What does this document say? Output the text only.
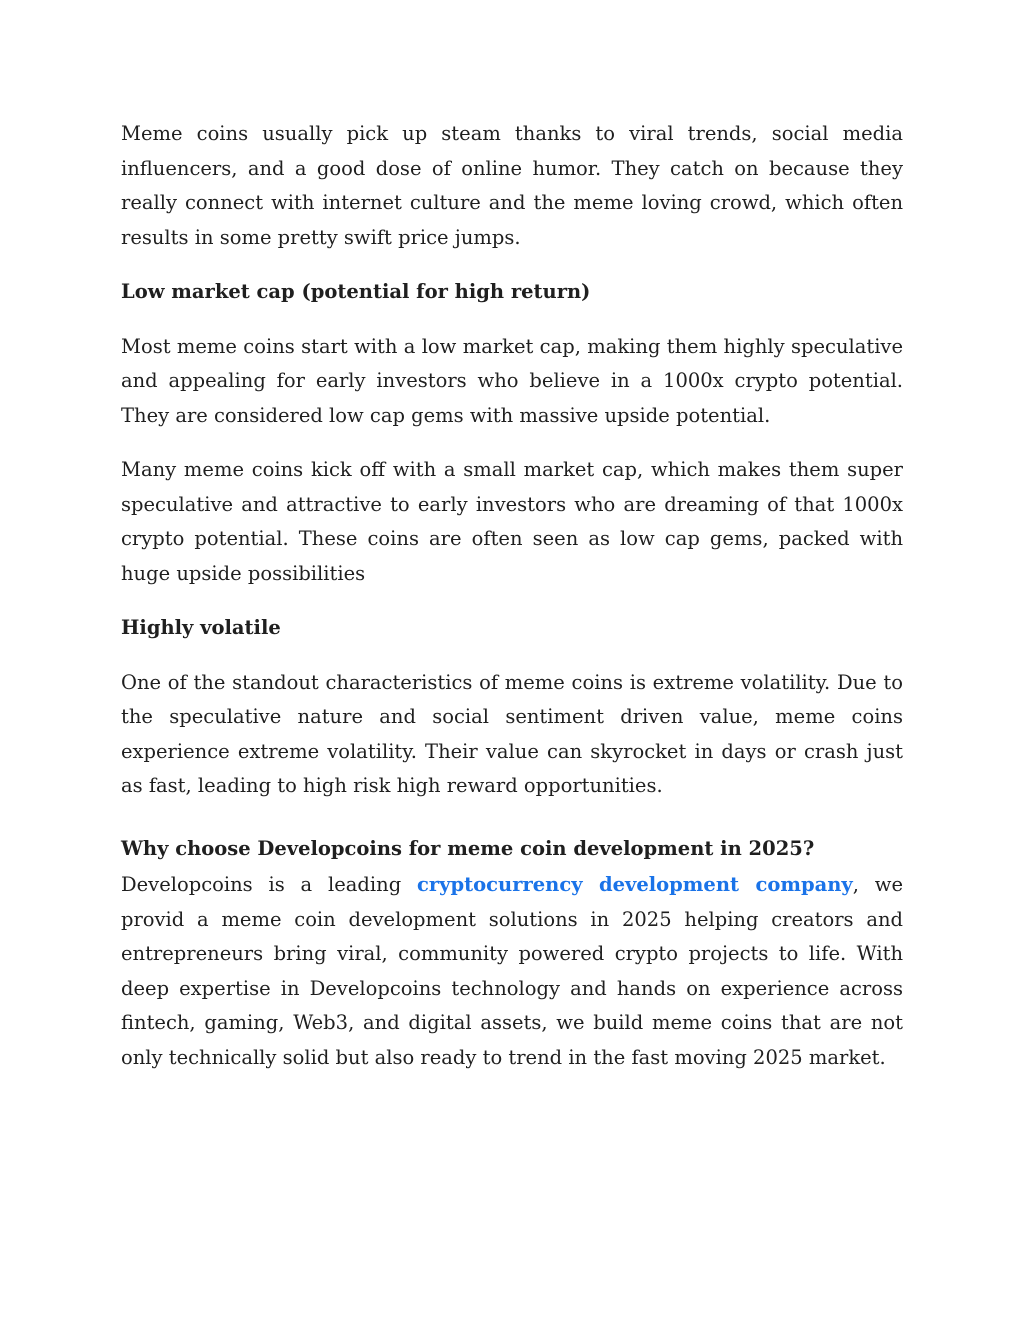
Meme coins usually pick up steam thanks to viral trends, social media influencers, and a good dose of online humor. They catch on because they really connect with internet culture and the meme loving crowd, which often results in some pretty swift price jumps.

Low market cap (potential for high return)

Most meme coins start with a low market cap, making them highly speculative and appealing for early investors who believe in a 1000x crypto potential. They are considered low cap gems with massive upside potential.

Many meme coins kick off with a small market cap, which makes them super speculative and attractive to early investors who are dreaming of that 1000x crypto potential. These coins are often seen as low cap gems, packed with huge upside possibilities

Highly volatile

One of the standout characteristics of meme coins is extreme volatility. Due to the speculative nature and social sentiment driven value, meme coins experience extreme volatility. Their value can skyrocket in days or crash just as fast, leading to high risk high reward opportunities.

Why choose Developcoins for meme coin development in 2025?

Developcoins is a leading cryptocurrency development company, we provid a meme coin development solutions in 2025 helping creators and entrepreneurs bring viral, community powered crypto projects to life. With deep expertise in Developcoins technology and hands on experience across fintech, gaming, Web3, and digital assets, we build meme coins that are not only technically solid but also ready to trend in the fast moving 2025 market.
